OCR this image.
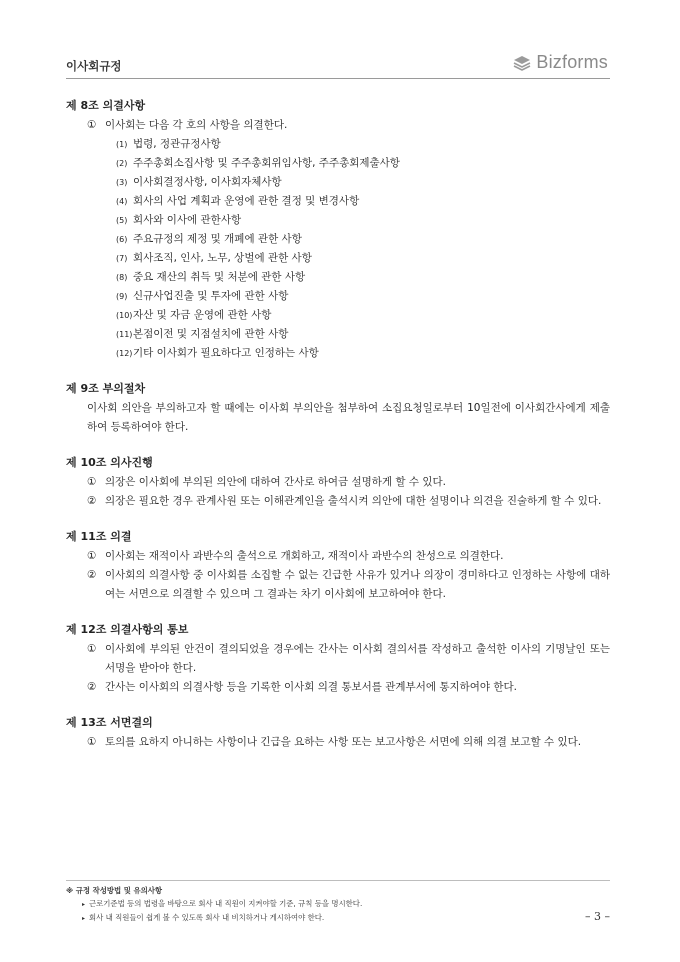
이사회규정	Bizforms
제 8조 의결사항
① 이사회는 다음 각 호의 사항을 의결한다.
(1) 법령, 정관규정사항
(2) 주주총회소집사항 및 주주총회위임사항, 주주총회제출사항
(3) 이사회결정사항, 이사회자체사항
(4) 회사의 사업 계획과 운영에 관한 결정 및 변경사항
(5) 회사와 이사에 관한사항
(6) 주요규정의 제정 및 개폐에 관한 사항
(7) 회사조직, 인사, 노무, 상벌에 관한 사항
(8) 중요 재산의 취득 및 처분에 관한 사항
(9) 신규사업진출 및 투자에 관한 사항
(10) 자산 및 자금 운영에 관한 사항
(11) 본점이전 및 지점설치에 관한 사항
(12) 기타 이사회가 필요하다고 인정하는 사항
제 9조 부의절차
이사회 의안을 부의하고자 할 때에는 이사회 부의안을 첨부하여 소집요청일로부터 10일전에 이사회간사에게 제출하여 등록하여야 한다.
제 10조 의사진행
① 의장은 이사회에 부의된 의안에 대하여 간사로 하여금 설명하게 할 수 있다.
② 의장은 필요한 경우 관계사원 또는 이해관계인을 출석시켜 의안에 대한 설명이나 의견을 진술하게 할 수 있다.
제 11조 의결
① 이사회는 재적이사 과반수의 출석으로 개회하고, 재적이사 과반수의 찬성으로 의결한다.
② 이사회의 의결사항 중 이사회를 소집할 수 없는 긴급한 사유가 있거나 의장이 경미하다고 인정하는 사항에 대하여는 서면으로 의결할 수 있으며 그 결과는 차기 이사회에 보고하여야 한다.
제 12조 의결사항의 통보
① 이사회에 부의된 안건이 결의되었을 경우에는 간사는 이사회 결의서를 작성하고 출석한 이사의 기명날인 또는 서명을 받아야 한다.
② 간사는 이사회의 의결사항 등을 기록한 이사회 의결 통보서를 관계부서에 통지하여야 한다.
제 13조 서면결의
① 토의를 요하지 아니하는 사항이나 긴급을 요하는 사항 또는 보고사항은 서면에 의해 의결 보고할 수 있다.
※ 규정 작성방법 및 유의사항
▸ 근로기준법 등의 법령을 바탕으로 회사 내 직원이 지켜야할 기준, 규칙 등을 명시한다.
▸ 회사 내 직원들이 쉽게 볼 수 있도록 회사 내 비치하거나 게시하여야 한다.	– 3 –
